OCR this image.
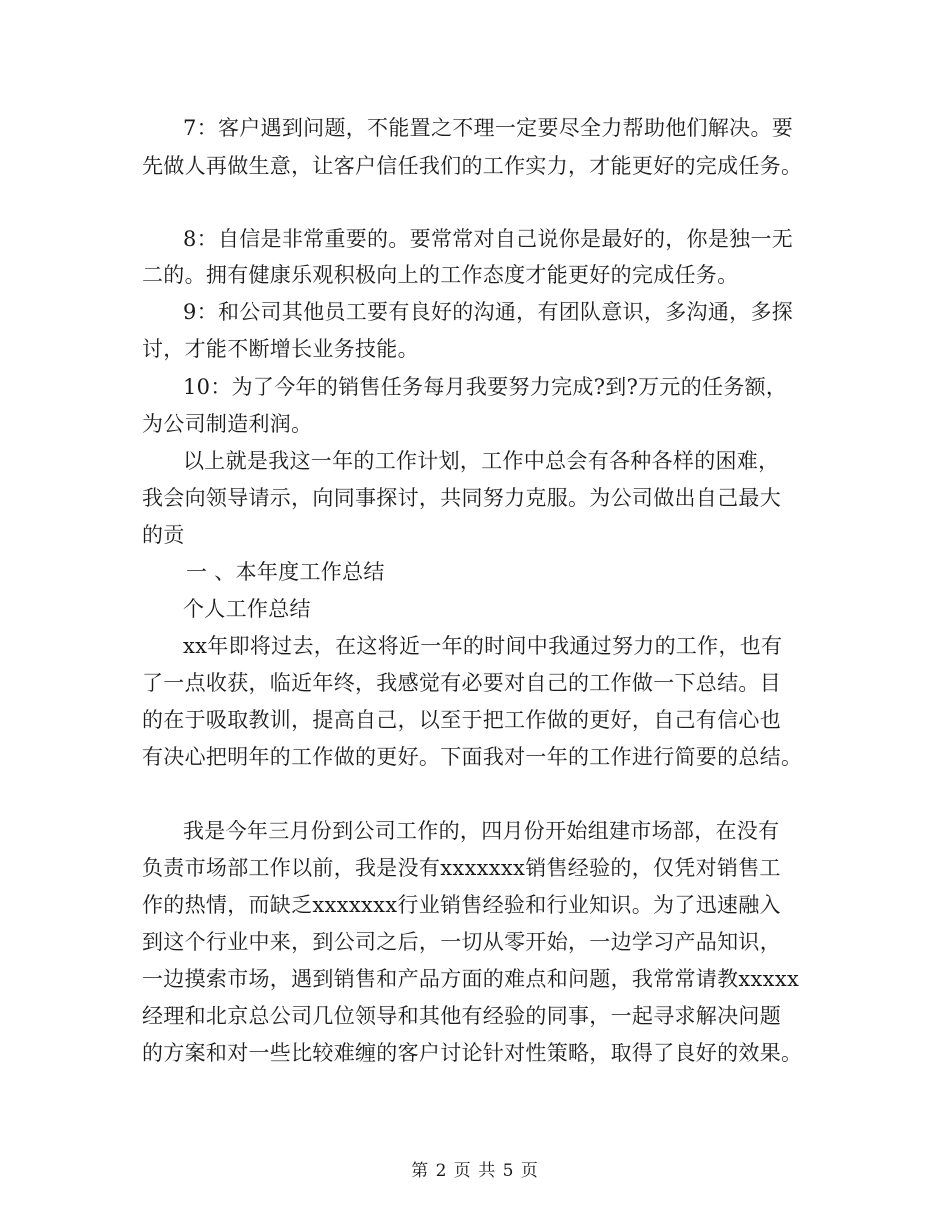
7：客户遇到问题，不能置之不理一定要尽全力帮助他们解决。要
先做人再做生意，让客户信任我们的工作实力，才能更好的完成任务。
8：自信是非常重要的。要常常对自己说你是最好的，你是独一无
二的。拥有健康乐观积极向上的工作态度才能更好的完成任务。
9：和公司其他员工要有良好的沟通，有团队意识，多沟通，多探
讨，才能不断增长业务技能。
10：为了今年的销售任务每月我要努力完成?到?万元的任务额，
为公司制造利润。
以上就是我这一年的工作计划，工作中总会有各种各样的困难，
我会向领导请示，向同事探讨，共同努力克服。为公司做出自己最大
的贡
一 、本年度工作总结
个人工作总结
xx年即将过去，在这将近一年的时间中我通过努力的工作，也有
了一点收获，临近年终，我感觉有必要对自己的工作做一下总结。目
的在于吸取教训，提高自己，以至于把工作做的更好，自己有信心也
有决心把明年的工作做的更好。下面我对一年的工作进行简要的总结。
我是今年三月份到公司工作的，四月份开始组建市场部，在没有
负责市场部工作以前，我是没有xxxxxxx销售经验的，仅凭对销售工
作的热情，而缺乏xxxxxxx行业销售经验和行业知识。为了迅速融入
到这个行业中来，到公司之后，一切从零开始，一边学习产品知识，
一边摸索市场，遇到销售和产品方面的难点和问题，我常常请教xxxxx
经理和北京总公司几位领导和其他有经验的同事，一起寻求解决问题
的方案和对一些比较难缠的客户讨论针对性策略，取得了良好的效果。
第 2 页 共 5 页
